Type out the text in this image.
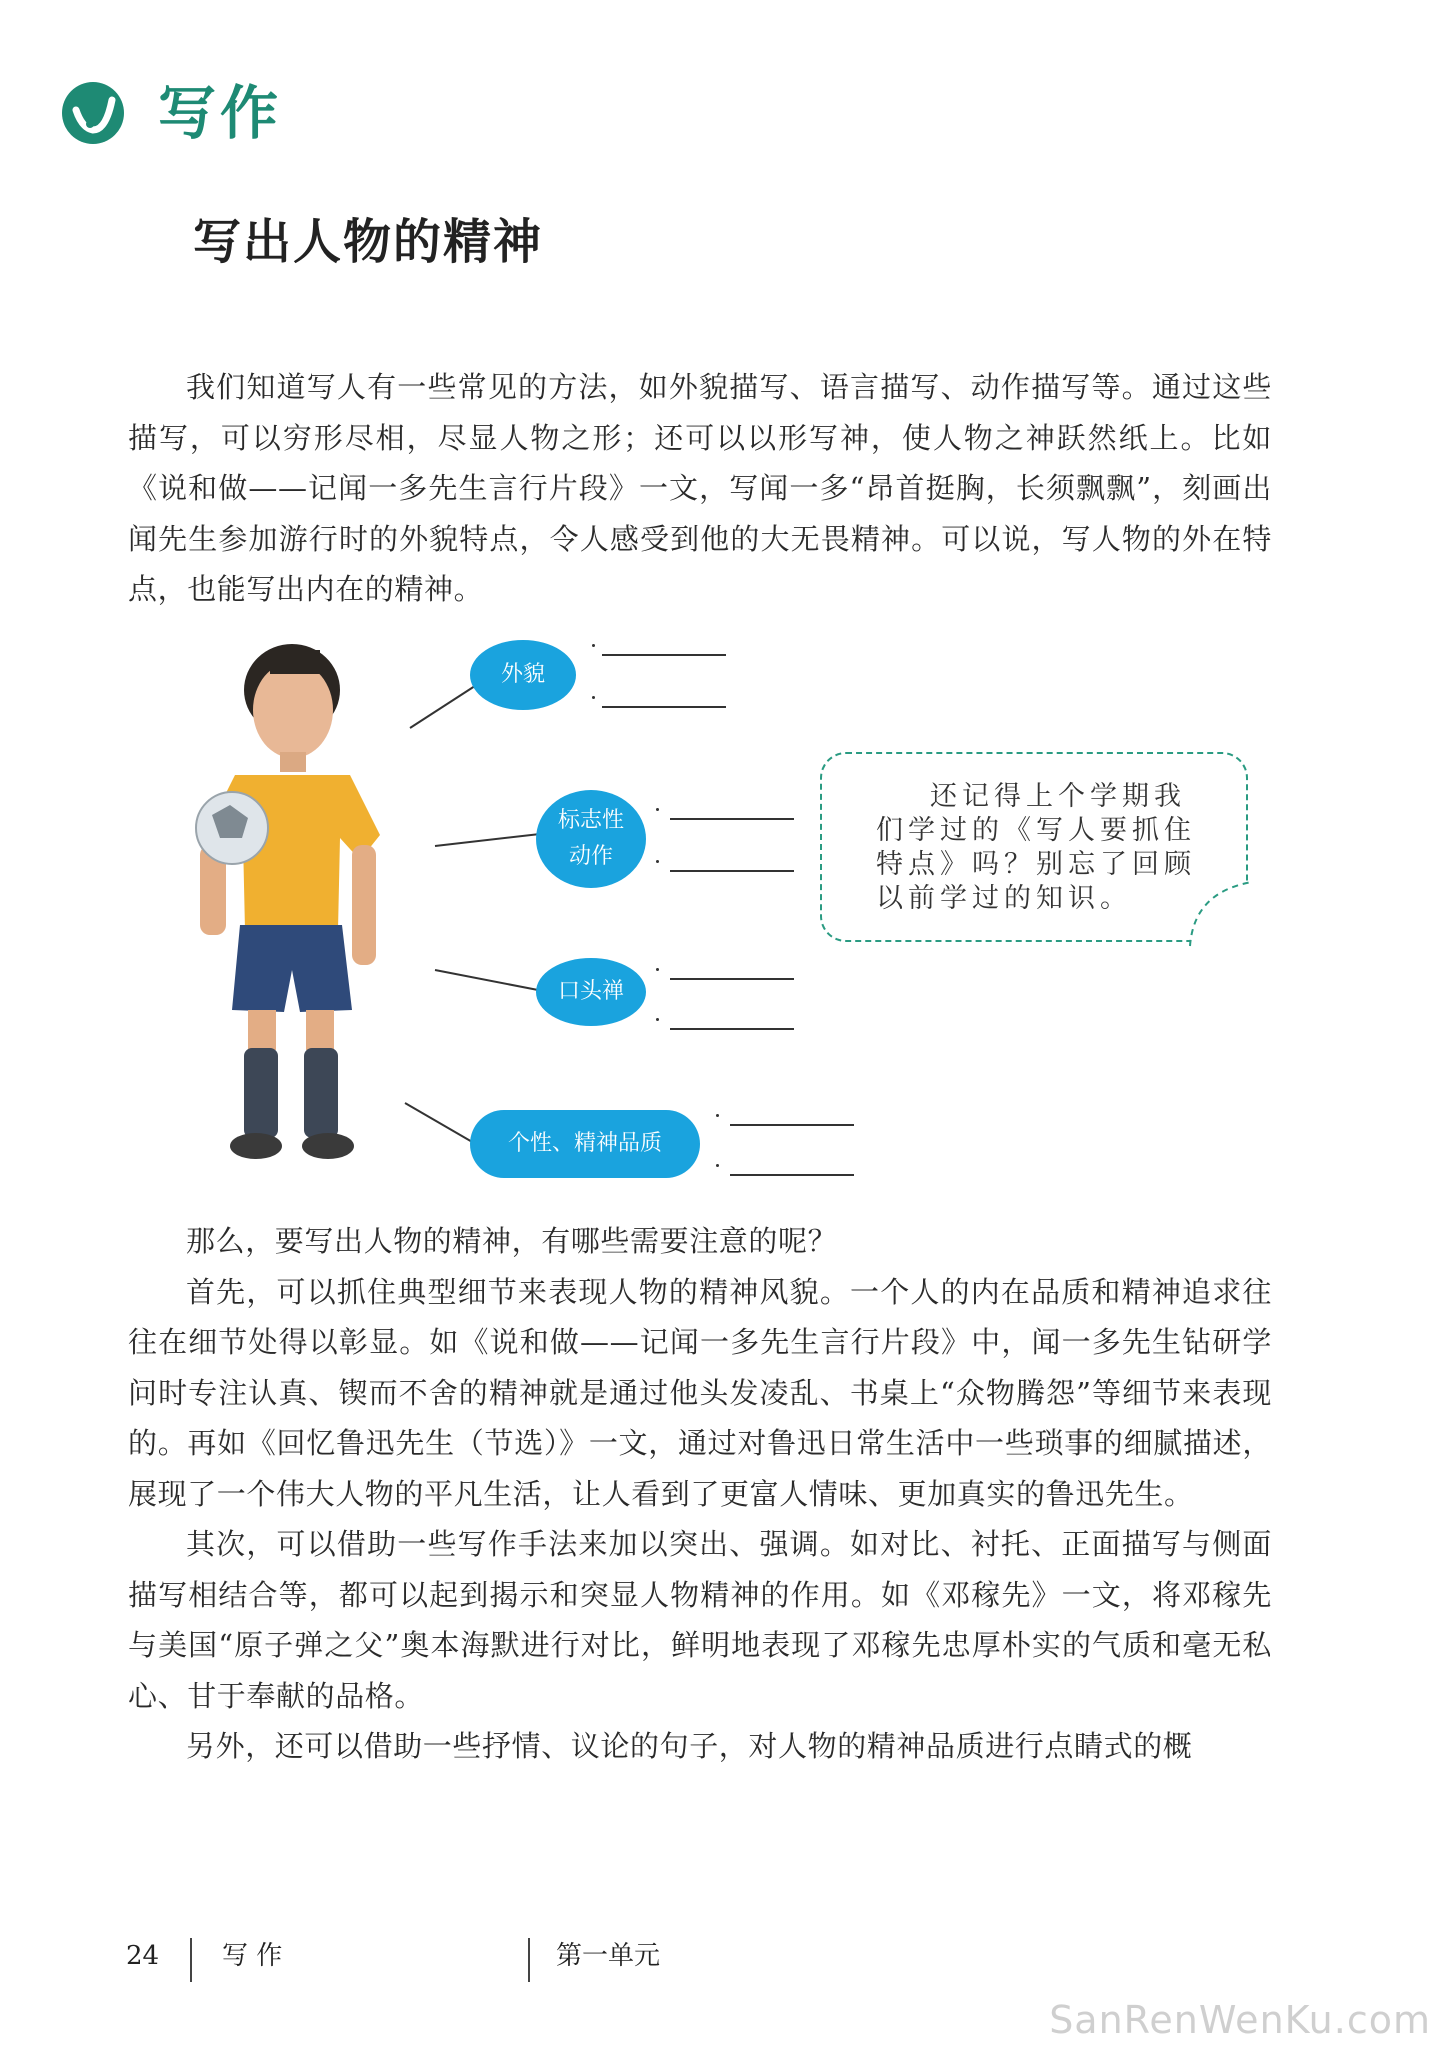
写作
写出人物的精神

我们知道写人有一些常见的方法，如外貌描写、语言描写、动作描写等。通过这些描写，可以穷形尽相，尽显人物之形；还可以以形写神，使人物之神跃然纸上。比如《说和做——记闻一多先生言行片段》一文，写闻一多“昂首挺胸，长须飘飘”，刻画出闻先生参加游行时的外貌特点，令人感受到他的大无畏精神。可以说，写人物的外在特点，也能写出内在的精神。

外貌
标志性动作
口头禅
个性、精神品质
还记得上个学期我们学过的《写人要抓住特点》吗？别忘了回顾以前学过的知识。

那么，要写出人物的精神，有哪些需要注意的呢？

首先，可以抓住典型细节来表现人物的精神风貌。一个人的内在品质和精神追求往往在细节处得以彰显。如《说和做——记闻一多先生言行片段》中，闻一多先生钻研学问时专注认真、锲而不舍的精神就是通过他头发凌乱、书桌上“众物腾怨”等细节来表现的。再如《回忆鲁迅先生（节选）》一文，通过对鲁迅日常生活中一些琐事的细腻描述，展现了一个伟大人物的平凡生活，让人看到了更富人情味、更加真实的鲁迅先生。

其次，可以借助一些写作手法来加以突出、强调。如对比、衬托、正面描写与侧面描写相结合等，都可以起到揭示和突显人物精神的作用。如《邓稼先》一文，将邓稼先与美国“原子弹之父”奥本海默进行对比，鲜明地表现了邓稼先忠厚朴实的气质和毫无私心、甘于奉献的品格。

另外，还可以借助一些抒情、议论的句子，对人物的精神品质进行点睛式的概

24 写 作	第一单元
SanRenWenKu.com
